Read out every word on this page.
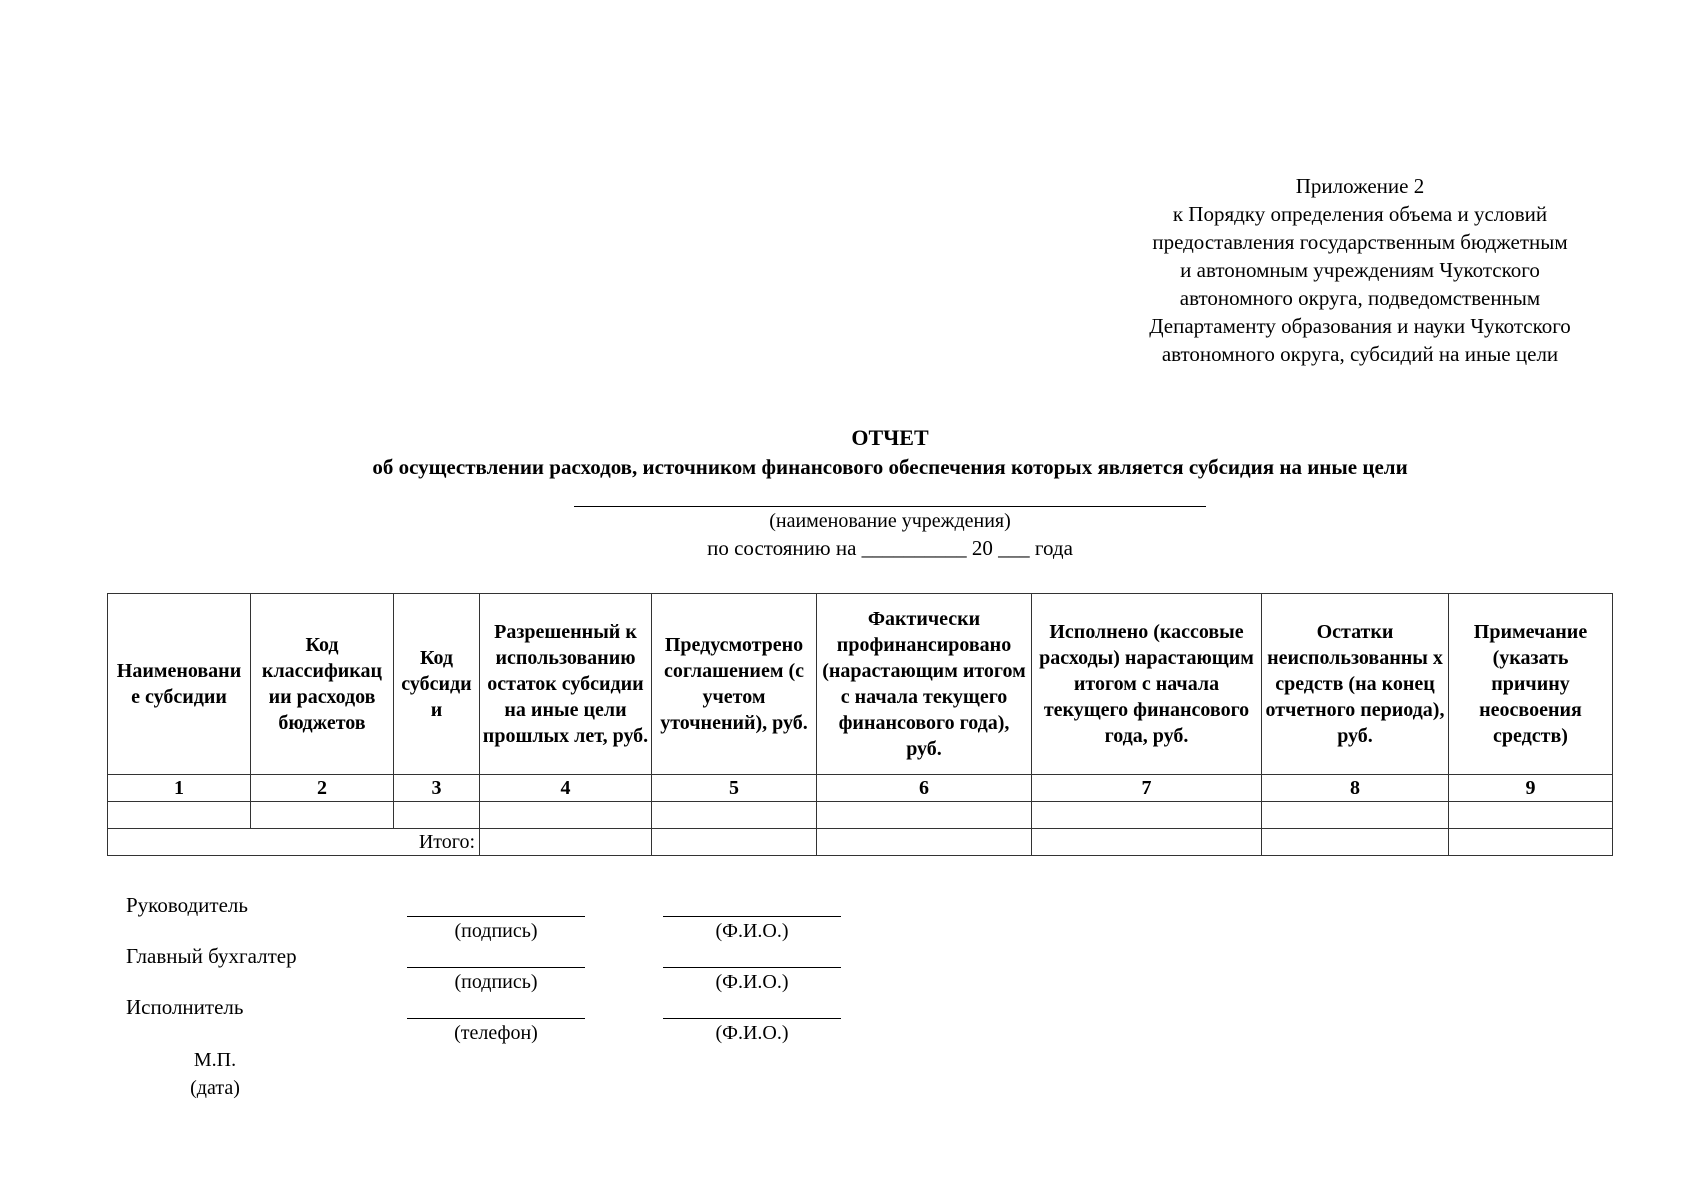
Приложение 2
к Порядку определения объема и условий
предоставления государственным бюджетным
и автономным учреждениям Чукотского
автономного округа, подведомственным
Департаменту образования и науки Чукотского
автономного округа, субсидий на иные цели
ОТЧЕТ
об осуществлении расходов, источником финансового обеспечения которых является субсидия на иные цели
(наименование учреждения)
по состоянию на __________ 20 ___ года
Наименовани е субсидии	Код классификац ии расходов бюджетов	Код субсиди и	Разрешенный к использованию остаток субсидии на иные цели прошлых лет, руб.	Предусмотрено соглашением (с учетом уточнений), руб.	Фактически профинансировано (нарастающим итогом с начала текущего финансового года), руб.	Исполнено (кассовые расходы) нарастающим итогом с начала текущего финансового года, руб.	Остатки неиспользованны х средств (на конец отчетного периода), руб.	Примечание (указать причину неосвоения средств)
1	2	3	4	5	6	7	8	9

Итого:								
Руководитель
(подпись)	(Ф.И.О.)
Главный бухгалтер
(подпись)	(Ф.И.О.)
Исполнитель
(телефон)	(Ф.И.О.)
М.П.
(дата)
